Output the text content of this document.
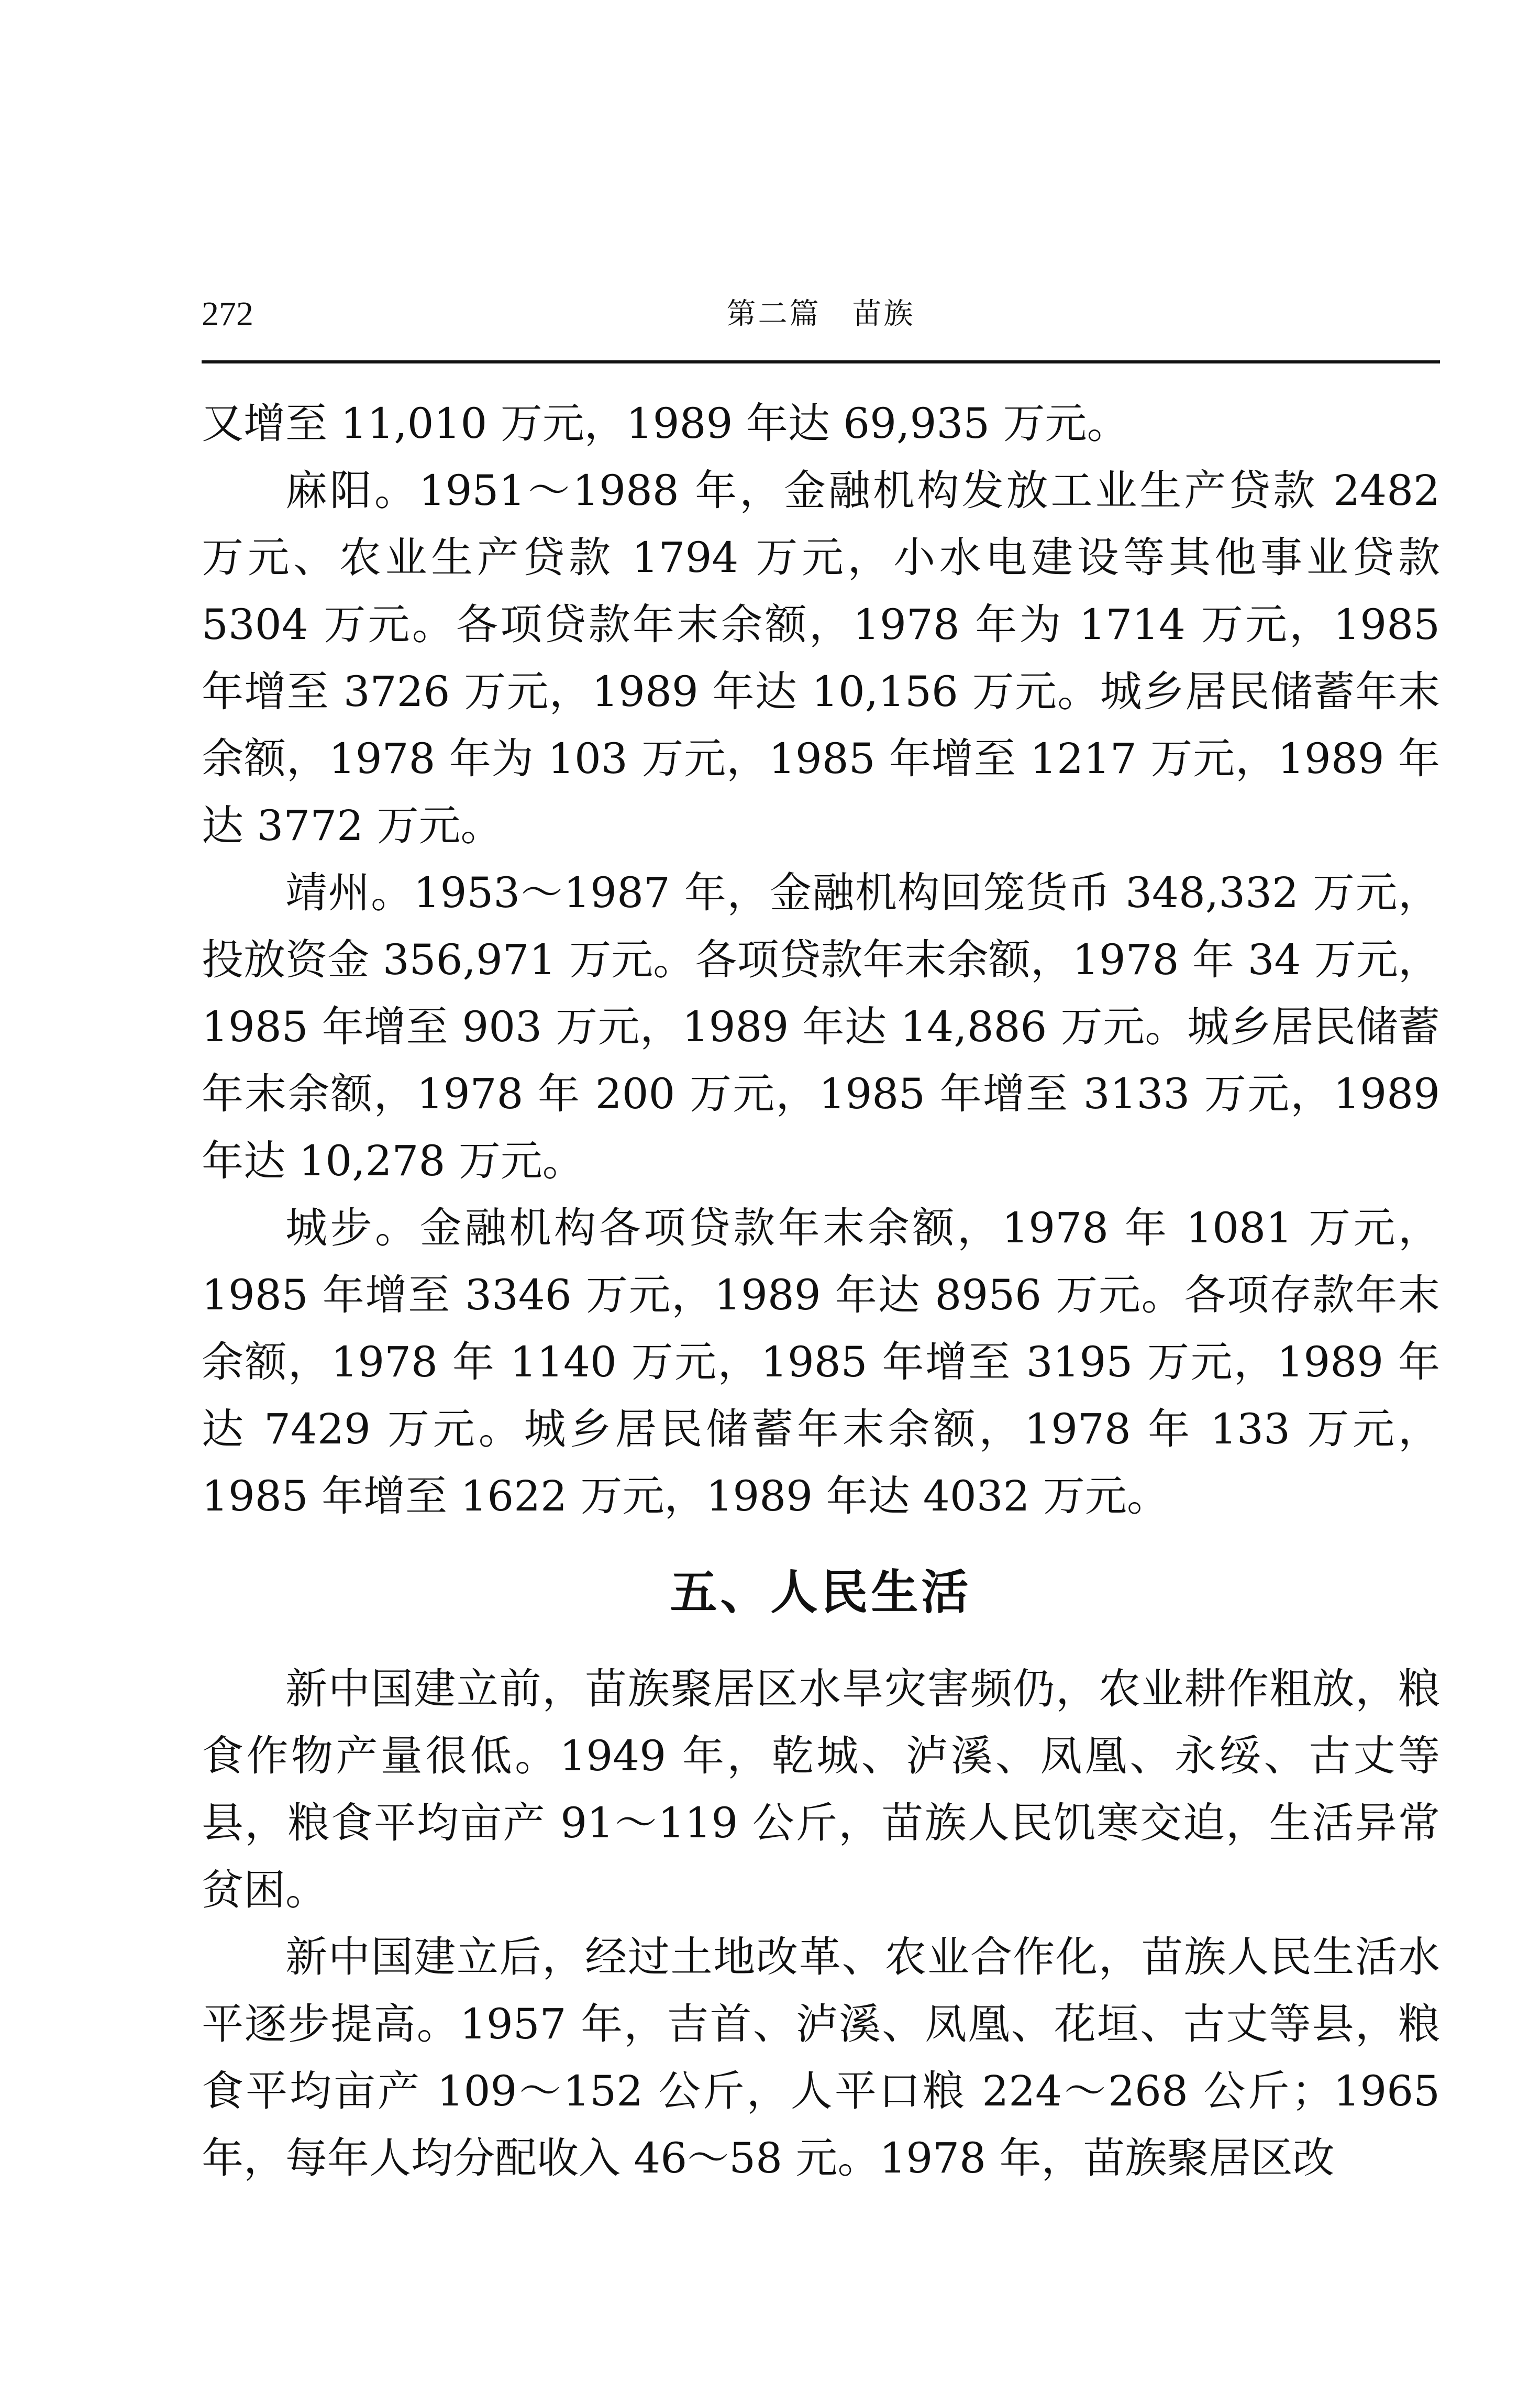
272	第二篇　苗族

又增至 11,010 万元，1989 年达 69,935 万元。

麻阳。1951～1988 年，金融机构发放工业生产贷款 2482 万元、农业生产贷款 1794 万元，小水电建设等其他事业贷款 5304 万元。各项贷款年末余额，1978 年为 1714 万元，1985 年增至 3726 万元，1989 年达 10,156 万元。城乡居民储蓄年末余额，1978 年为 103 万元，1985 年增至 1217 万元，1989 年达 3772 万元。

靖州。1953～1987 年，金融机构回笼货币 348,332 万元，投放资金 356,971 万元。各项贷款年末余额，1978 年 34 万元，1985 年增至 903 万元，1989 年达 14,886 万元。城乡居民储蓄年末余额，1978 年 200 万元，1985 年增至 3133 万元，1989 年达 10,278 万元。

城步。金融机构各项贷款年末余额，1978 年 1081 万元，1985 年增至 3346 万元，1989 年达 8956 万元。各项存款年末余额，1978 年 1140 万元，1985 年增至 3195 万元，1989 年达 7429 万元。城乡居民储蓄年末余额，1978 年 133 万元，1985 年增至 1622 万元，1989 年达 4032 万元。

五、人民生活

新中国建立前，苗族聚居区水旱灾害频仍，农业耕作粗放，粮食作物产量很低。1949 年，乾城、泸溪、凤凰、永绥、古丈等县，粮食平均亩产 91～119 公斤，苗族人民饥寒交迫，生活异常贫困。

新中国建立后，经过土地改革、农业合作化，苗族人民生活水平逐步提高。1957 年，吉首、泸溪、凤凰、花垣、古丈等县，粮食平均亩产 109～152 公斤，人平口粮 224～268 公斤；1965 年，每年人均分配收入 46～58 元。1978 年，苗族聚居区改
